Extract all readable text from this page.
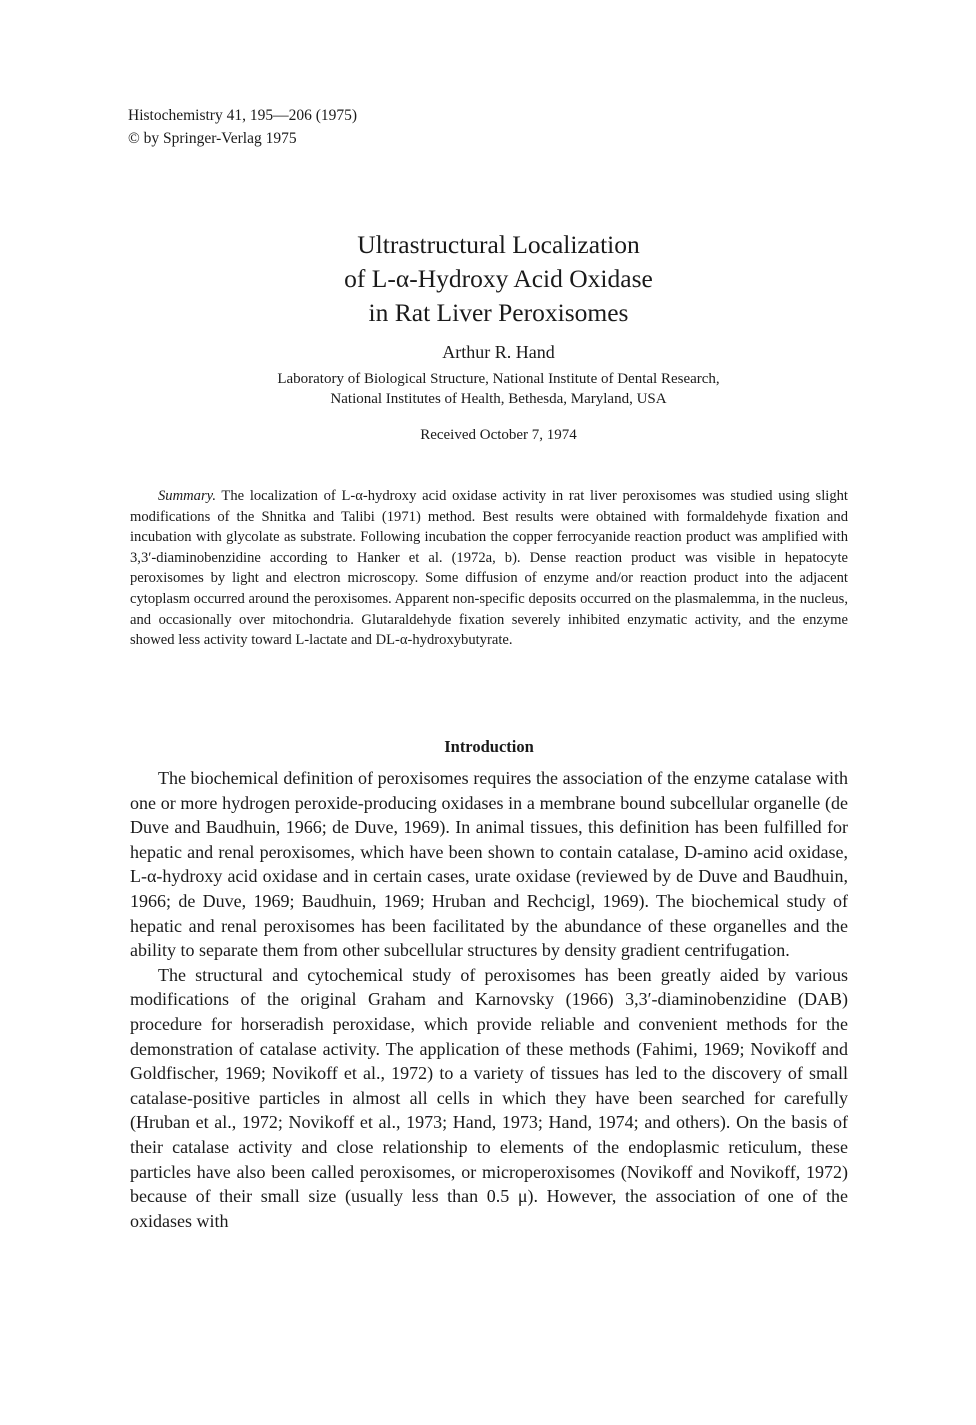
Histochemistry 41, 195—206 (1975)
© by Springer-Verlag 1975
Ultrastructural Localization
of L-α-Hydroxy Acid Oxidase
in Rat Liver Peroxisomes
Arthur R. Hand
Laboratory of Biological Structure, National Institute of Dental Research,
National Institutes of Health, Bethesda, Maryland, USA
Received October 7, 1974
Summary. The localization of L-α-hydroxy acid oxidase activity in rat liver peroxisomes was studied using slight modifications of the Shnitka and Talibi (1971) method. Best results were obtained with formaldehyde fixation and incubation with glycolate as substrate. Following incubation the copper ferrocyanide reaction product was amplified with 3,3′-diaminobenzidine according to Hanker et al. (1972a, b). Dense reaction product was visible in hepatocyte peroxisomes by light and electron microscopy. Some diffusion of enzyme and/or reaction product into the adjacent cytoplasm occurred around the peroxisomes. Apparent non-specific deposits occurred on the plasmalemma, in the nucleus, and occasionally over mitochondria. Glutaraldehyde fixation severely inhibited enzymatic activity, and the enzyme showed less activity toward L-lactate and DL-α-hydroxybutyrate.
Introduction

The biochemical definition of peroxisomes requires the association of the enzyme catalase with one or more hydrogen peroxide-producing oxidases in a membrane bound subcellular organelle (de Duve and Baudhuin, 1966; de Duve, 1969). In animal tissues, this definition has been fulfilled for hepatic and renal peroxisomes, which have been shown to contain catalase, D-amino acid oxidase, L-α-hydroxy acid oxidase and in certain cases, urate oxidase (reviewed by de Duve and Baudhuin, 1966; de Duve, 1969; Baudhuin, 1969; Hruban and Rechcigl, 1969). The biochemical study of hepatic and renal peroxisomes has been facilitated by the abundance of these organelles and the ability to separate them from other subcellular structures by density gradient centrifugation.

The structural and cytochemical study of peroxisomes has been greatly aided by various modifications of the original Graham and Karnovsky (1966) 3,3′-diaminobenzidine (DAB) procedure for horseradish peroxidase, which provide reliable and convenient methods for the demonstration of catalase activity. The application of these methods (Fahimi, 1969; Novikoff and Goldfischer, 1969; Novikoff et al., 1972) to a variety of tissues has led to the discovery of small catalase-positive particles in almost all cells in which they have been searched for carefully (Hruban et al., 1972; Novikoff et al., 1973; Hand, 1973; Hand, 1974; and others). On the basis of their catalase activity and close relationship to elements of the endoplasmic reticulum, these particles have also been called peroxisomes, or microperoxisomes (Novikoff and Novikoff, 1972) because of their small size (usually less than 0.5 μ). However, the association of one of the oxidases with
